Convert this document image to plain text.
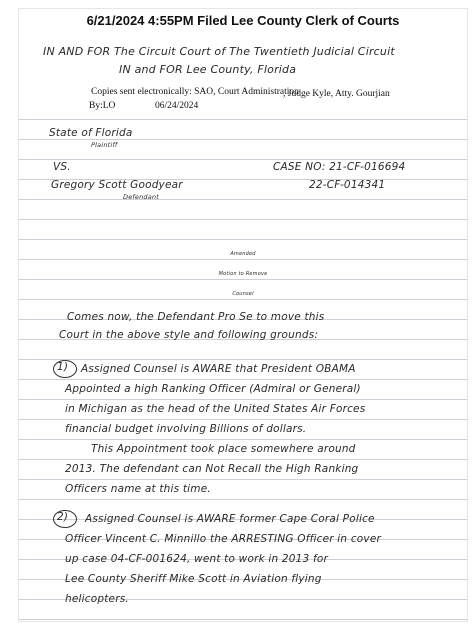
6/21/2024 4:55PM Filed Lee County Clerk of Courts
IN AND FOR The Circuit Court of The Twentieth Judicial Circuit
IN and FOR Lee County, Florida
Copies sent electronically: SAO, Court Administration
, Judge Kyle, Atty. Gourjian
By:LO	06/24/2024
State of Florida
Plaintiff
VS.	CASE NO: 21-CF-016694
Gregory Scott Goodyear	22-CF-014341
Defendant
Amended
Motion to Remove
Counsel
Comes now, the Defendant Pro Se to move this
Court in the above style and following grounds:
1) Assigned Counsel is AWARE that President OBAMA
Appointed a high Ranking Officer (Admiral or General)
in Michigan as the head of the United States Air Forces
financial budget involving Billions of dollars.
This Appointment took place somewhere around
2013. The defendant can Not Recall the High Ranking
Officers name at this time.
2) Assigned Counsel is AWARE former Cape Coral Police
Officer Vincent C. Minnillo the ARRESTING Officer in cover
up case 04-CF-001624, went to work in 2013 for
Lee County Sheriff Mike Scott in Aviation flying
helicopters.
